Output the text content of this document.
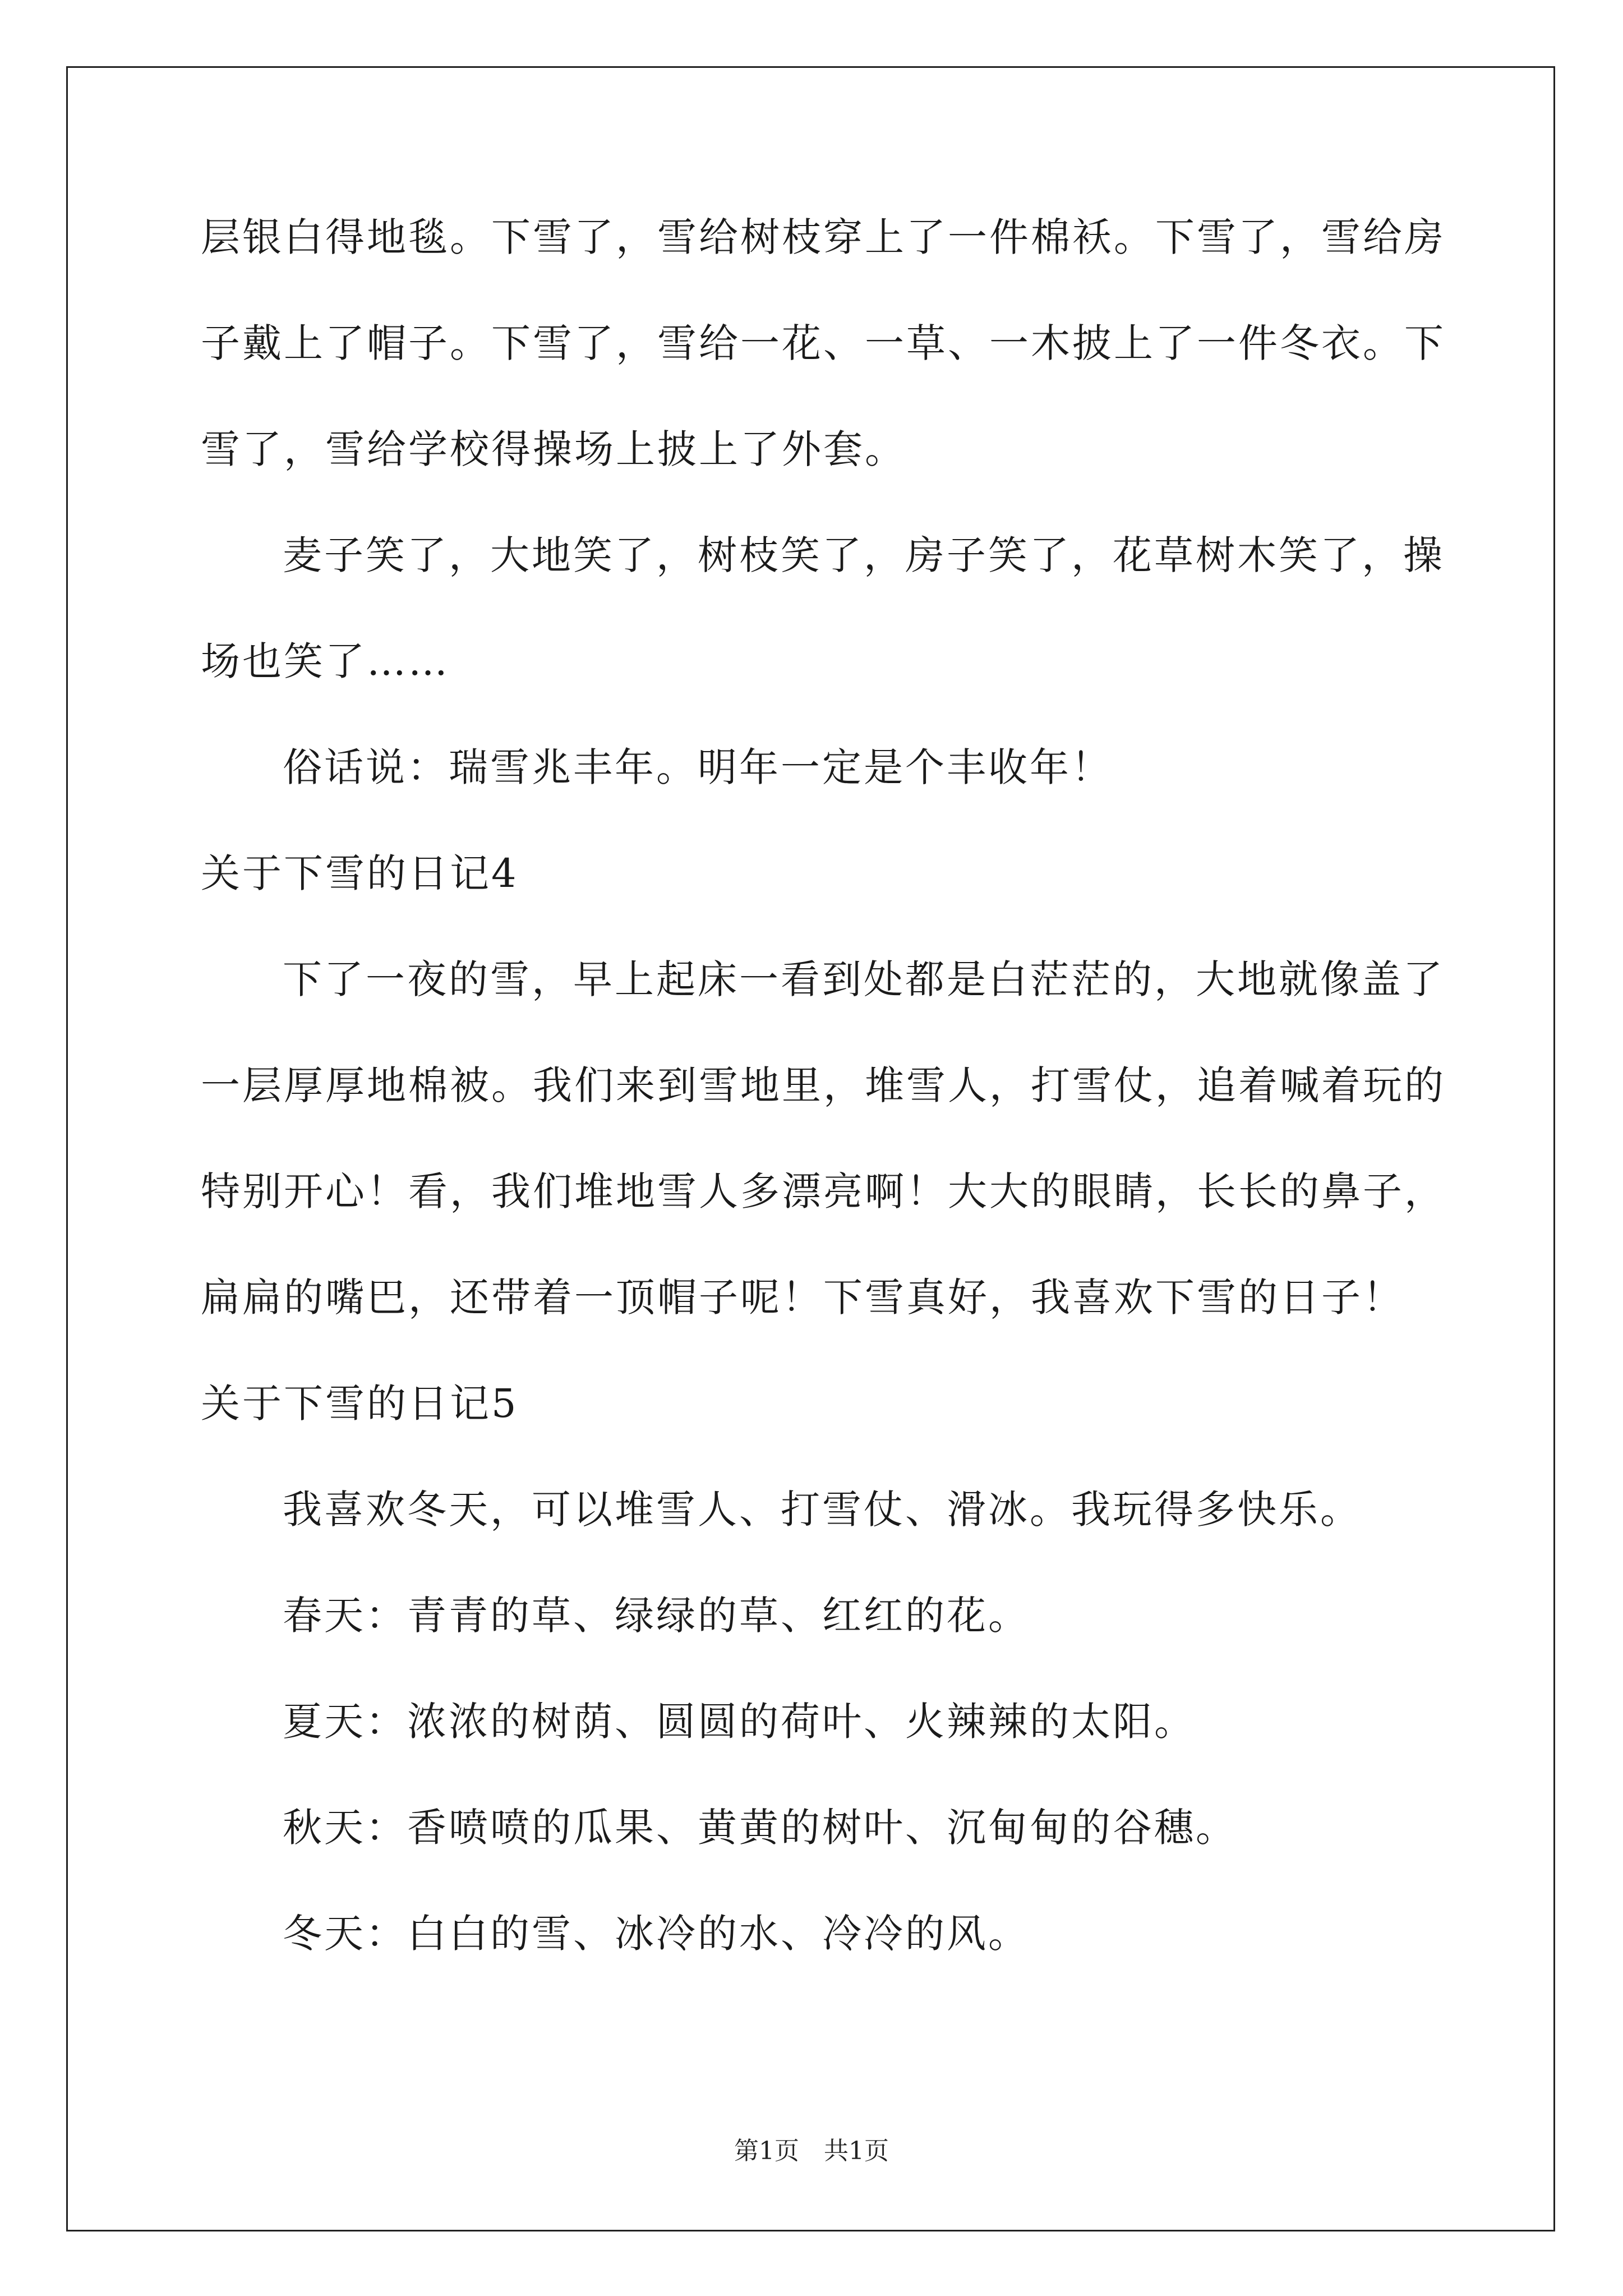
层银白得地毯。下雪了，雪给树枝穿上了一件棉袄。下雪了，雪给房
子戴上了帽子。下雪了，雪给一花、一草、一木披上了一件冬衣。下
雪了，雪给学校得操场上披上了外套。
麦子笑了，大地笑了，树枝笑了，房子笑了，花草树木笑了，操
场也笑了……
俗话说：瑞雪兆丰年。明年一定是个丰收年！
关于下雪的日记4
下了一夜的雪，早上起床一看到处都是白茫茫的，大地就像盖了
一层厚厚地棉被。我们来到雪地里，堆雪人，打雪仗，追着喊着玩的
特别开心！看，我们堆地雪人多漂亮啊！大大的眼睛，长长的鼻子，
扁扁的嘴巴，还带着一顶帽子呢！下雪真好，我喜欢下雪的日子！
关于下雪的日记5
我喜欢冬天，可以堆雪人、打雪仗、滑冰。我玩得多快乐。
春天：青青的草、绿绿的草、红红的花。
夏天：浓浓的树荫、圆圆的荷叶、火辣辣的太阳。
秋天：香喷喷的瓜果、黄黄的树叶、沉甸甸的谷穗。
冬天：白白的雪、冰冷的水、冷冷的风。
第1页　共1页
